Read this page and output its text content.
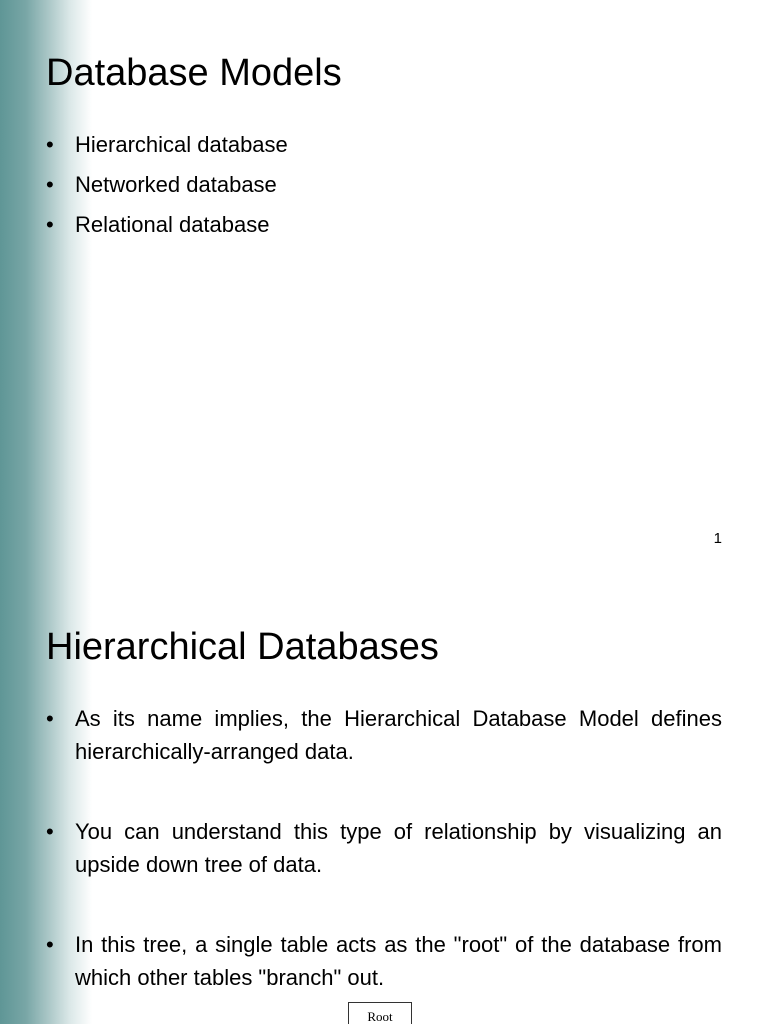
Database Models
• Hierarchical database
• Networked database
• Relational database
1
Hierarchical Databases
• As its name implies, the Hierarchical Database Model defines hierarchically-arranged data.
• You can understand this type of relationship by visualizing an upside down tree of data.
• In this tree, a single table acts as the "root" of the database from which other tables "branch" out.
Root
